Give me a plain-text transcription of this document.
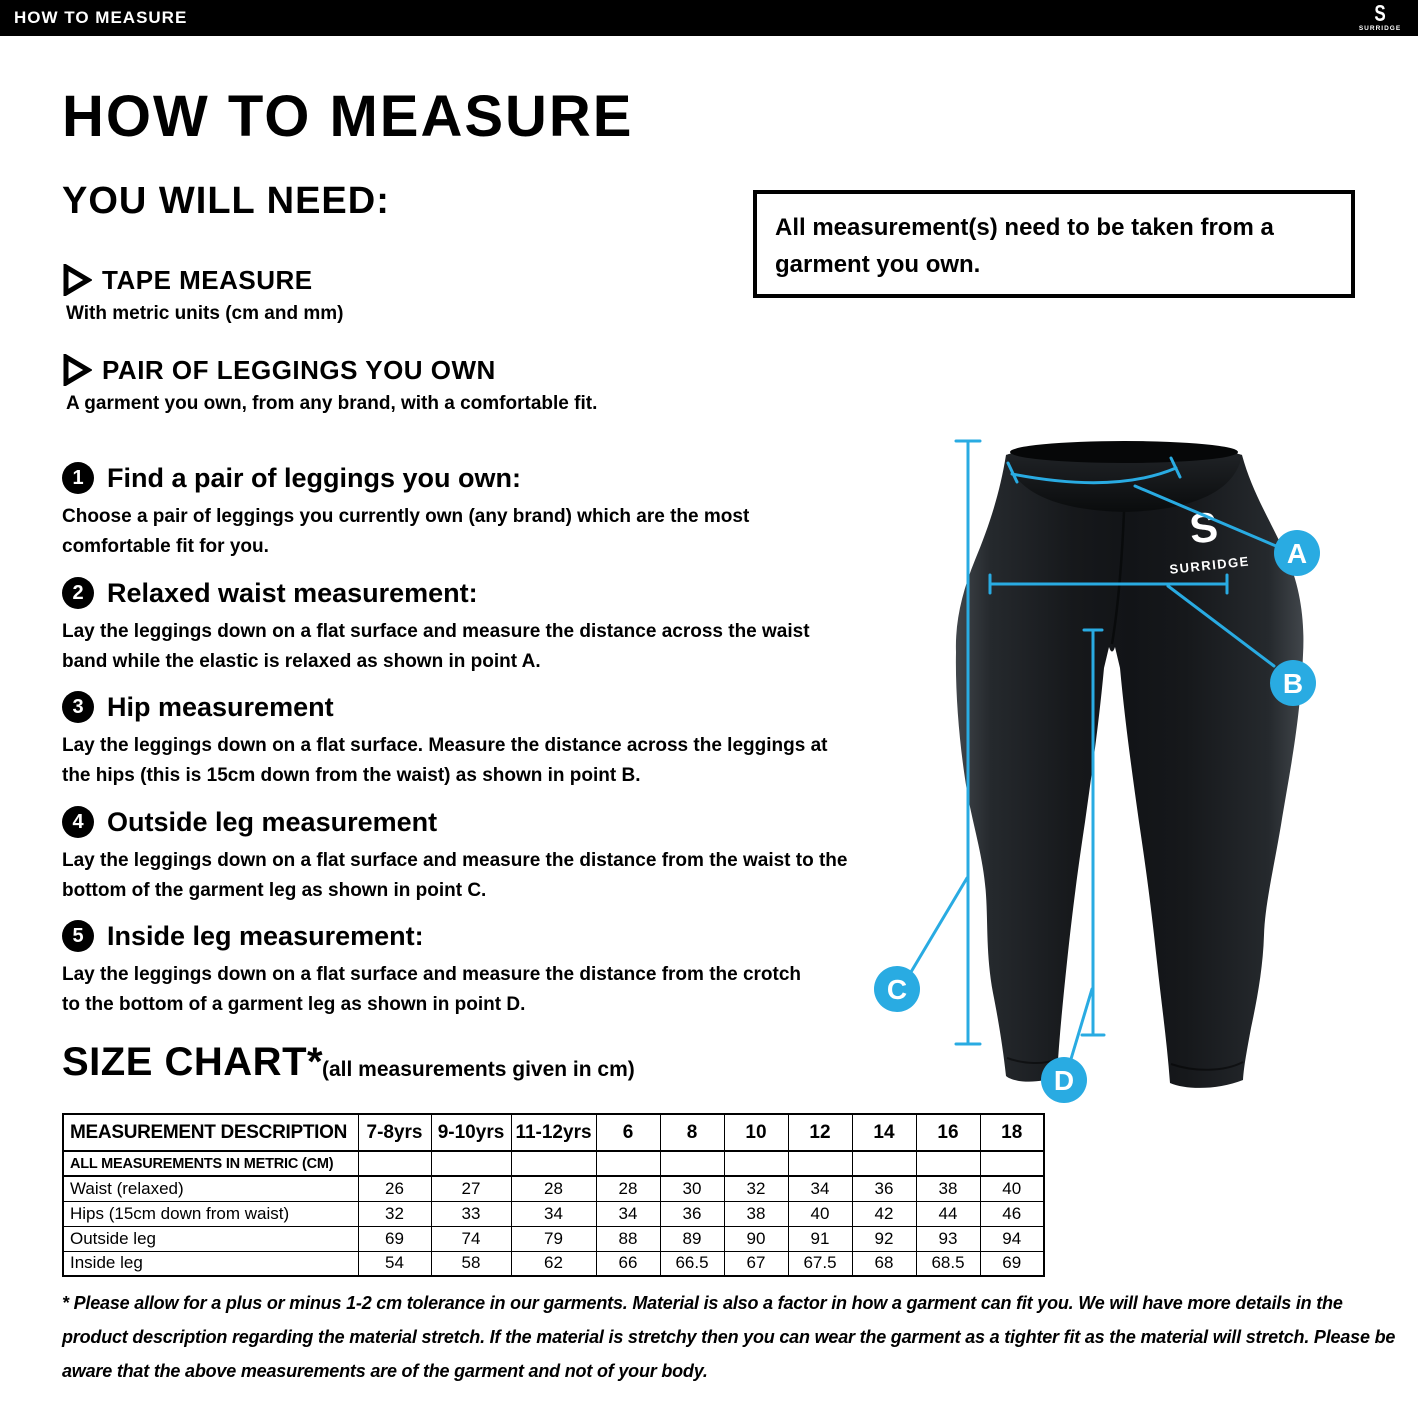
HOW TO MEASURE	S
SURRIDGE
HOW TO MEASURE
YOU WILL NEED:

All measurement(s) need to be taken from a garment you own.

TAPE MEASURE
With metric units (cm and mm)
PAIR OF LEGGINGS YOU OWN
A garment you own, from any brand, with a comfortable fit.
1 Find a pair of leggings you own:
Choose a pair of leggings you currently own (any brand) which are the most comfortable fit for you.
2 Relaxed waist measurement:
Lay the leggings down on a flat surface and measure the distance across the waist band while the elastic is relaxed as shown in point A.
3 Hip measurement
Lay the leggings down on a flat surface. Measure the distance across the leggings at the hips (this is 15cm down from the waist) as shown in point B.
4 Outside leg measurement
Lay the leggings down on a flat surface and measure the distance from the waist to the bottom of the garment leg as shown in point C.
5 Inside leg measurement:
Lay the leggings down on a flat surface and measure the distance from the crotch to the bottom of a garment leg as shown in point D.
S
SURRIDGE A
B
C
D
SIZE CHART*
(all measurements given in cm)
MEASUREMENT DESCRIPTION	7-8yrs	9-10yrs	11-12yrs	6	8	10	12	14	16	18
ALL MEASUREMENTS IN METRIC (CM)										
Waist (relaxed)	26	27	28	28	30	32	34	36	38	40
Hips (15cm down from waist)	32	33	34	34	36	38	40	42	44	46
Outside leg	69	74	79	88	89	90	91	92	93	94
Inside leg	54	58	62	66	66.5	67	67.5	68	68.5	69

* Please allow for a plus or minus 1-2 cm tolerance in our garments. Material is also a factor in how a garment can fit you. We will have more details in the product description regarding the material stretch. If the material is stretchy then you can wear the garment as a tighter fit as the material will stretch. Please be aware that the above measurements are of the garment and not of your body.
